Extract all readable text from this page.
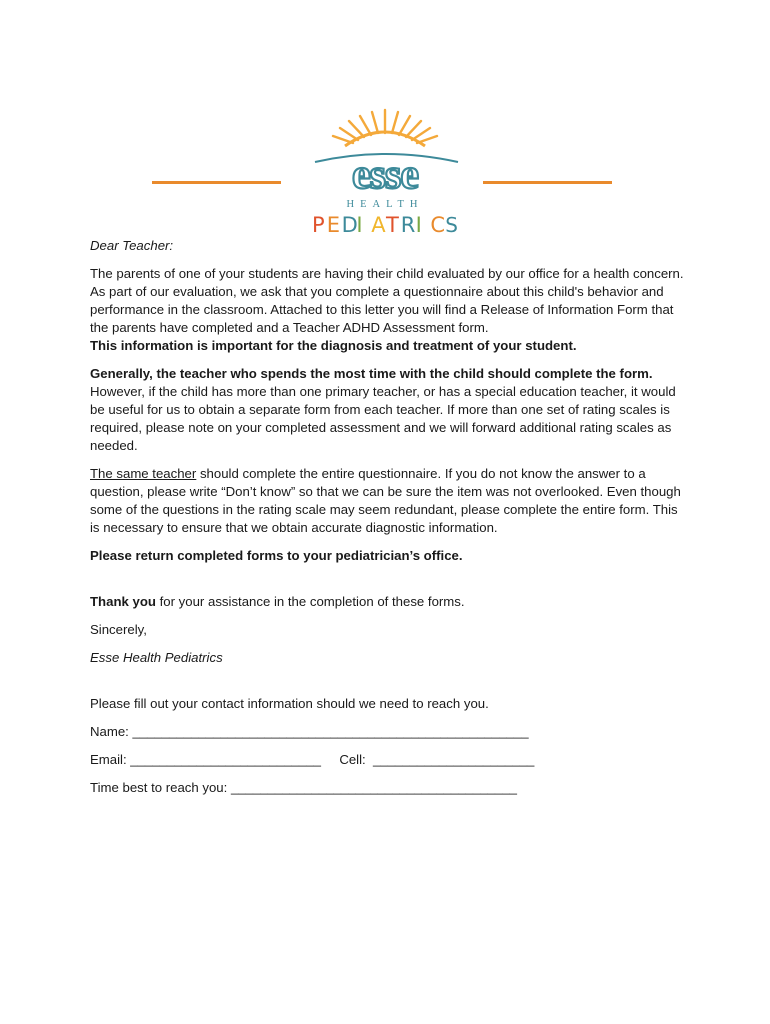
esse
HEALTH
P E D
I A T R I C S

Dear Teacher:

The parents of one of your students are having their child evaluated by our office for a health concern. As part of our evaluation, we ask that you complete a questionnaire about this child's behavior and performance in the classroom. Attached to this letter you will find a Release of Information Form that the parents have completed and a Teacher ADHD Assessment form.
This information is important for the diagnosis and treatment of your student.

Generally, the teacher who spends the most time with the child should complete the form. However, if the child has more than one primary teacher, or has a special education teacher, it would be useful for us to obtain a separate form from each teacher. If more than one set of rating scales is required, please note on your completed assessment and we will forward additional rating scales as needed.

The same teacher should complete the entire questionnaire. If you do not know the answer to a question, please write “Don’t know” so that we can be sure the item was not overlooked. Even though some of the questions in the rating scale may seem redundant, please complete the entire form. This is necessary to ensure that we obtain accurate diagnostic information.

Please return completed forms to your pediatrician’s office.

Thank you for your assistance in the completion of these forms.

Sincerely,

Esse Health Pediatrics

Please fill out your contact information should we need to reach you.

Name: ______________________________________________________
Email: __________________________     Cell:  ______________________
Time best to reach you: _______________________________________
